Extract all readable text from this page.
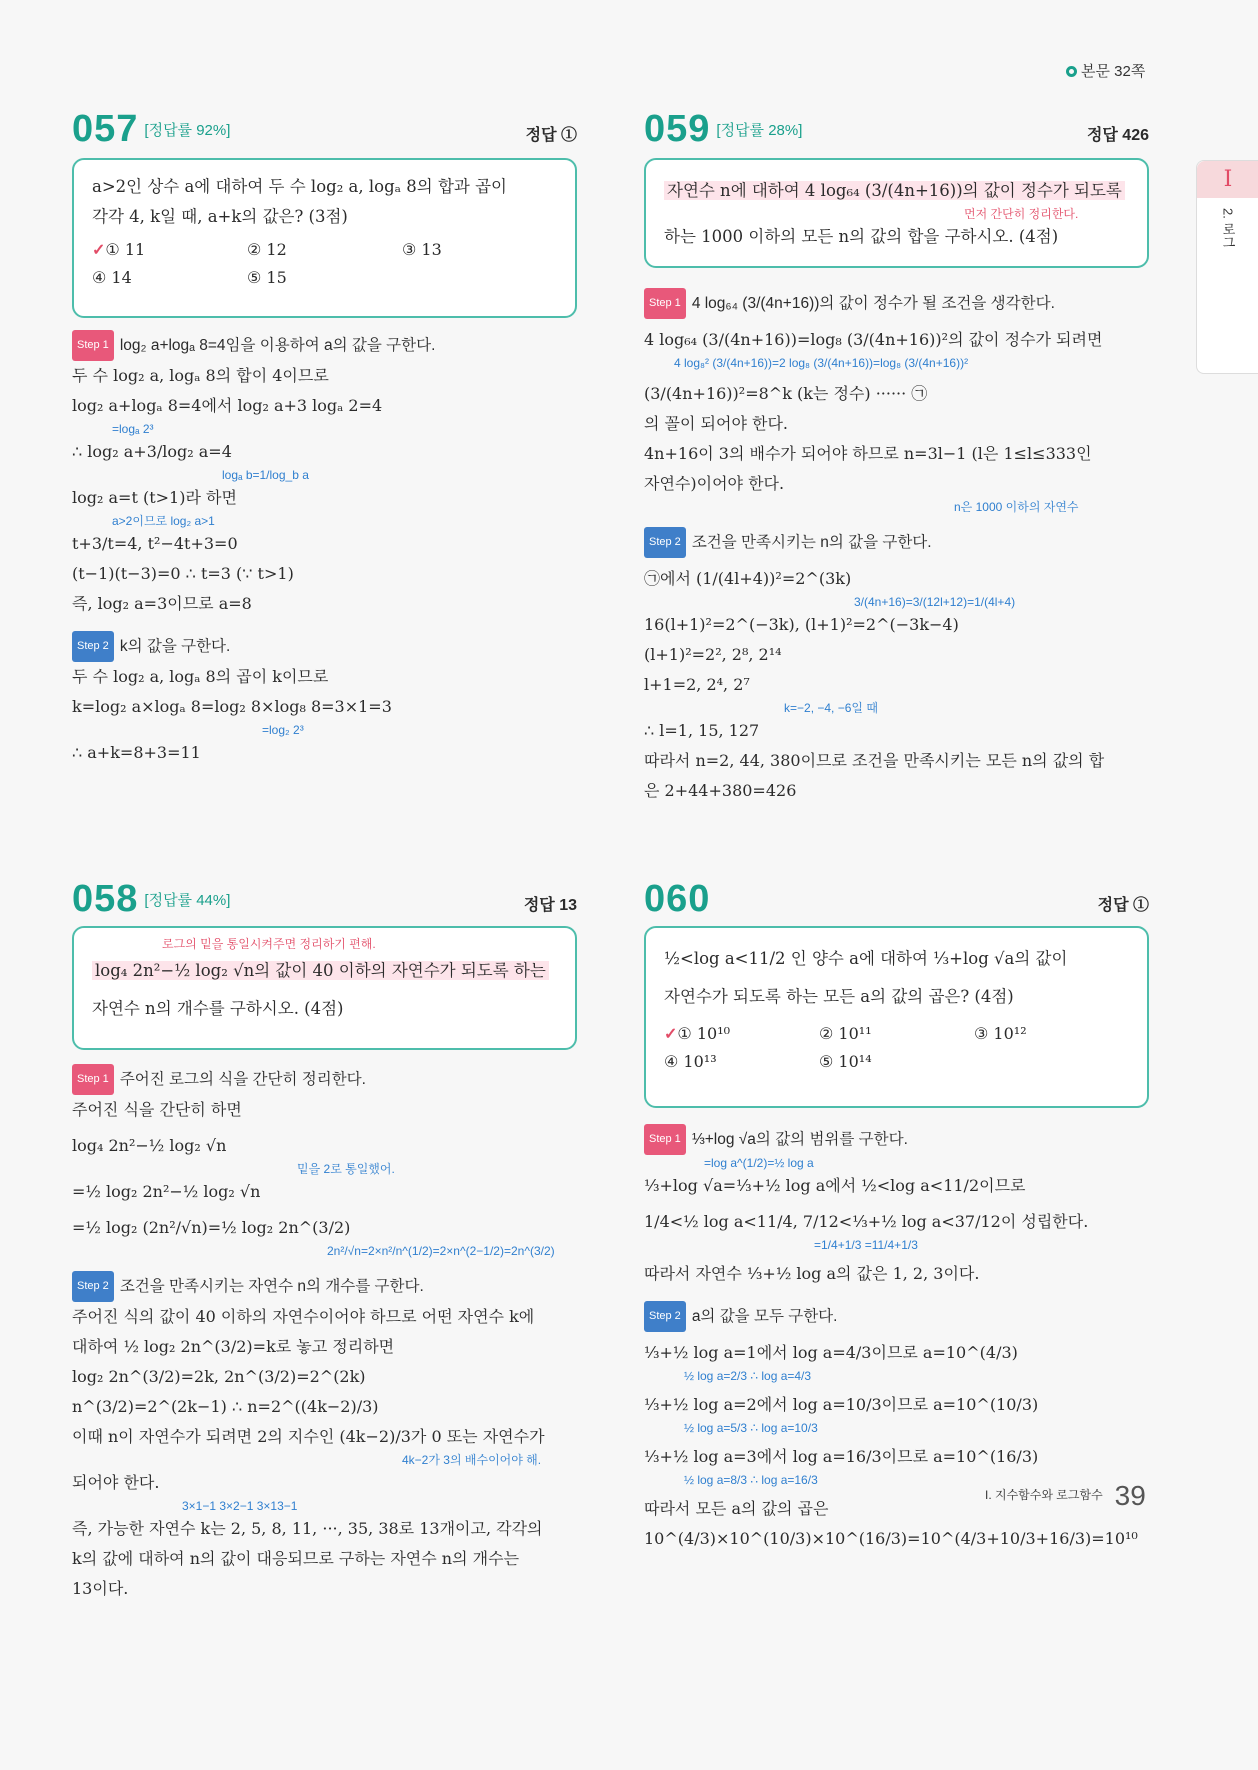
본문 32쪽
I
2. 로그
057 [정답률 92%]	정답 ①
a>2인 상수 a에 대하여 두 수 log₂ a, logₐ 8의 합과 곱이
각각 4, k일 때, a+k의 값은? (3점)
✓① 11	② 12	③ 13
④ 14	⑤ 15
Step 1 log₂ a+logₐ 8=4임을 이용하여 a의 값을 구한다.
두 수 log₂ a, logₐ 8의 합이 4이므로
log₂ a+logₐ 8=4에서 log₂ a+3 logₐ 2=4
=logₐ 2³
∴ log₂ a+3/log₂ a=4
logₐ b=1/log_b a
log₂ a=t (t>1)라 하면
a>2이므로 log₂ a>1
t+3/t=4, t²−4t+3=0
(t−1)(t−3)=0 ∴ t=3 (∵ t>1)
즉, log₂ a=3이므로 a=8
Step 2 k의 값을 구한다.
두 수 log₂ a, logₐ 8의 곱이 k이므로
k=log₂ a×logₐ 8=log₂ 8×log₈ 8=3×1=3
=log₂ 2³
∴ a+k=8+3=11
059 [정답률 28%]	정답 426
자연수 n에 대하여 4 log₆₄ (3/(4n+16))의 값이 정수가 되도록
먼저 간단히 정리한다.
하는 1000 이하의 모든 n의 값의 합을 구하시오. (4점)
Step 1 4 log₆₄ (3/(4n+16))의 값이 정수가 될 조건을 생각한다.
4 log₆₄ (3/(4n+16))=log₈ (3/(4n+16))²의 값이 정수가 되려면
4 log₈² (3/(4n+16))=2 log₈ (3/(4n+16))=log₈ (3/(4n+16))²
(3/(4n+16))²=8^k (k는 정수) ······ ㉠
의 꼴이 되어야 한다.
4n+16이 3의 배수가 되어야 하므로 n=3l−1 (l은 1≤l≤333인
자연수)이어야 한다.
n은 1000 이하의 자연수
Step 2 조건을 만족시키는 n의 값을 구한다.
㉠에서 (1/(4l+4))²=2^(3k)
3/(4n+16)=3/(12l+12)=1/(4l+4)
16(l+1)²=2^(−3k), (l+1)²=2^(−3k−4)
(l+1)²=2², 2⁸, 2¹⁴
l+1=2, 2⁴, 2⁷
k=−2, −4, −6일 때
∴ l=1, 15, 127
따라서 n=2, 44, 380이므로 조건을 만족시키는 모든 n의 값의 합
은 2+44+380=426
058 [정답률 44%]	정답 13
로그의 밑을 통일시켜주면 정리하기 편해.
log₄ 2n²−½ log₂ √n의 값이 40 이하의 자연수가 되도록 하는
자연수 n의 개수를 구하시오. (4점)
Step 1 주어진 로그의 식을 간단히 정리한다.
주어진 식을 간단히 하면
log₄ 2n²−½ log₂ √n
밑을 2로 통일했어.
=½ log₂ 2n²−½ log₂ √n
=½ log₂ (2n²/√n)=½ log₂ 2n^(3/2)
2n²/√n=2×n²/n^(1/2)=2×n^(2−1/2)=2n^(3/2)
Step 2 조건을 만족시키는 자연수 n의 개수를 구한다.
주어진 식의 값이 40 이하의 자연수이어야 하므로 어떤 자연수 k에
대하여 ½ log₂ 2n^(3/2)=k로 놓고 정리하면
log₂ 2n^(3/2)=2k, 2n^(3/2)=2^(2k)
n^(3/2)=2^(2k−1) ∴ n=2^((4k−2)/3)
이때 n이 자연수가 되려면 2의 지수인 (4k−2)/3가 0 또는 자연수가
4k−2가 3의 배수이어야 해.
되어야 한다.
3×1−1 3×2−1 3×13−1
즉, 가능한 자연수 k는 2, 5, 8, 11, ···, 35, 38로 13개이고, 각각의
k의 값에 대하여 n의 값이 대응되므로 구하는 자연수 n의 개수는
13이다.
060	정답 ①
½<log a<11/2 인 양수 a에 대하여 ⅓+log √a의 값이
자연수가 되도록 하는 모든 a의 값의 곱은? (4점)
✓① 10¹⁰	② 10¹¹	③ 10¹²
④ 10¹³	⑤ 10¹⁴
Step 1 ⅓+log √a의 값의 범위를 구한다.
=log a^(1/2)=½ log a
⅓+log √a=⅓+½ log a에서 ½<log a<11/2이므로
1/4<½ log a<11/4, 7/12<⅓+½ log a<37/12이 성립한다.
=1/4+1/3 =11/4+1/3
따라서 자연수 ⅓+½ log a의 값은 1, 2, 3이다.
Step 2 a의 값을 모두 구한다.
⅓+½ log a=1에서 log a=4/3이므로 a=10^(4/3)
½ log a=2/3 ∴ log a=4/3
⅓+½ log a=2에서 log a=10/3이므로 a=10^(10/3)
½ log a=5/3 ∴ log a=10/3
⅓+½ log a=3에서 log a=16/3이므로 a=10^(16/3)
½ log a=8/3 ∴ log a=16/3
따라서 모든 a의 값의 곱은
10^(4/3)×10^(10/3)×10^(16/3)=10^(4/3+10/3+16/3)=10¹⁰
I. 지수함수와 로그함수 39
